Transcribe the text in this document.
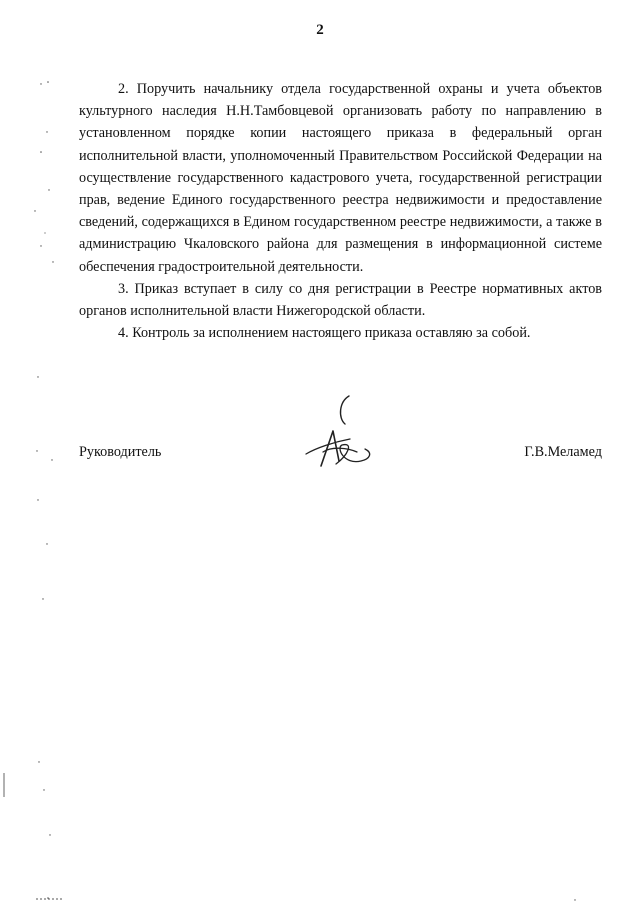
2

2. Поручить начальнику отдела государственной охраны и учета объектов культурного наследия Н.Н.Тамбовцевой организовать работу по направлению в установленном порядке копии настоящего приказа в федеральный орган исполнительной власти, уполномоченный Правительством Российской Федерации на осуществление государственного кадастрового учета, государственной регистрации прав, ведение Единого государственного реестра недвижимости и предоставление сведений, содержащихся в Едином государственном реестре недвижимости, а также в администрацию Чкаловского района для размещения в информационной системе обеспечения градостроительной деятельности.

3. Приказ вступает в силу со дня регистрации в Реестре нормативных актов органов исполнительной власти Нижегородской области.

4. Контроль за исполнением настоящего приказа оставляю за собой.

Руководитель	Г.В.Меламед
